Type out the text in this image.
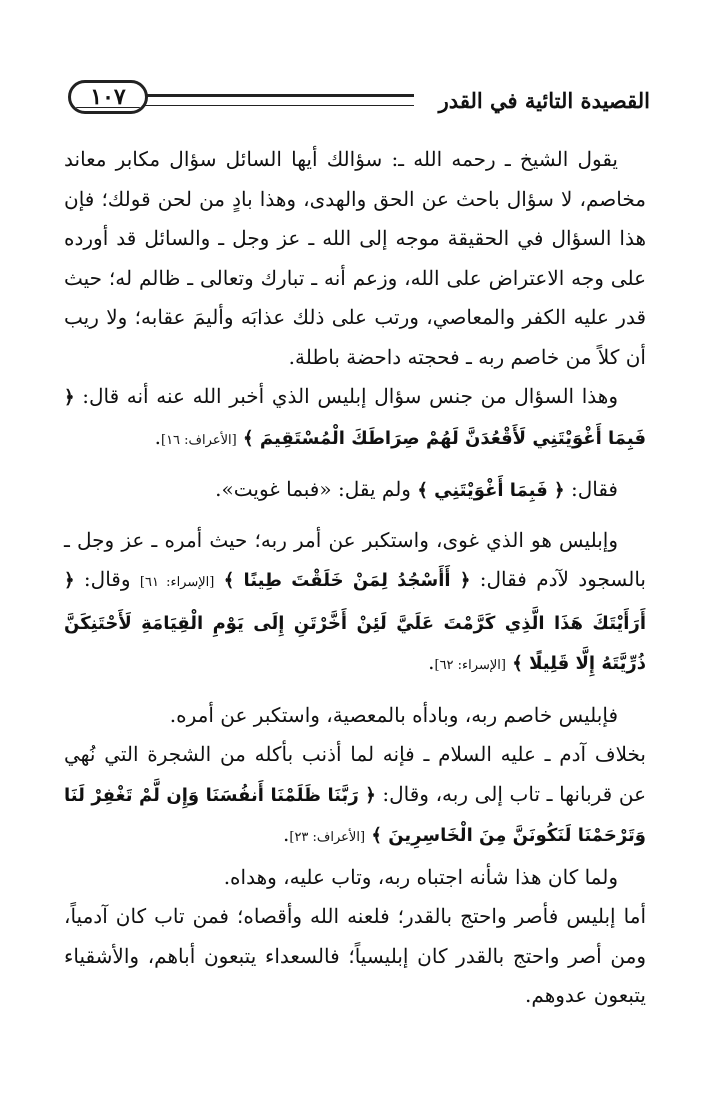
القصيدة التائية في القدر
١٠٧

يقول الشيخ ـ رحمه الله ـ: سؤالك أيها السائل سؤال مكابر معاند مخاصم، لا سؤال باحث عن الحق والهدى، وهذا بادٍ من لحن قولك؛ فإن هذا السؤال في الحقيقة موجه إلى الله ـ عز وجل ـ والسائل قد أورده على وجه الاعتراض على الله، وزعم أنه ـ تبارك وتعالى ـ ظالم له؛ حيث قدر عليه الكفر والمعاصي، ورتب على ذلك عذابَه وأليمَ عقابه؛ ولا ريب أن كلاً من خاصم ربه ـ فحجته داحضة باطلة.

وهذا السؤال من جنس سؤال إبليس الذي أخبر الله عنه أنه قال: ﴿ فَبِمَا أَغْوَيْتَنِي لَأَقْعُدَنَّ لَهُمْ صِرَاطَكَ الْمُسْتَقِيمَ ﴾ [الأعراف: ١٦].

فقال: ﴿ فَبِمَا أَغْوَيْتَنِي ﴾ ولم يقل: «فبما غويت».

وإبليس هو الذي غوى، واستكبر عن أمر ربه؛ حيث أمره ـ عز وجل ـ بالسجود لآدم فقال: ﴿ أَأَسْجُدُ لِمَنْ خَلَقْتَ طِينًا ﴾ [الإسراء: ٦١] وقال: ﴿ أَرَأَيْتَكَ هَذَا الَّذِي كَرَّمْتَ عَلَيَّ لَئِنْ أَخَّرْتَنِ إِلَى يَوْمِ الْقِيَامَةِ لَأَحْتَنِكَنَّ ذُرِّيَّتَهُ إِلَّا قَلِيلًا ﴾ [الإسراء: ٦٢].

فإبليس خاصم ربه، وبادأه بالمعصية، واستكبر عن أمره.

بخلاف آدم ـ عليه السلام ـ فإنه لما أذنب بأكله من الشجرة التي نُهي عن قربانها ـ تاب إلى ربه، وقال: ﴿ رَبَّنَا ظَلَمْنَا أَنفُسَنَا وَإِن لَّمْ تَغْفِرْ لَنَا وَتَرْحَمْنَا لَنَكُونَنَّ مِنَ الْخَاسِرِينَ ﴾ [الأعراف: ٢٣].

ولما كان هذا شأنه اجتباه ربه، وتاب عليه، وهداه.

أما إبليس فأصر واحتج بالقدر؛ فلعنه الله وأقصاه؛ فمن تاب كان آدمياً، ومن أصر واحتج بالقدر كان إبليسياً؛ فالسعداء يتبعون أباهم، والأشقياء يتبعون عدوهم.
